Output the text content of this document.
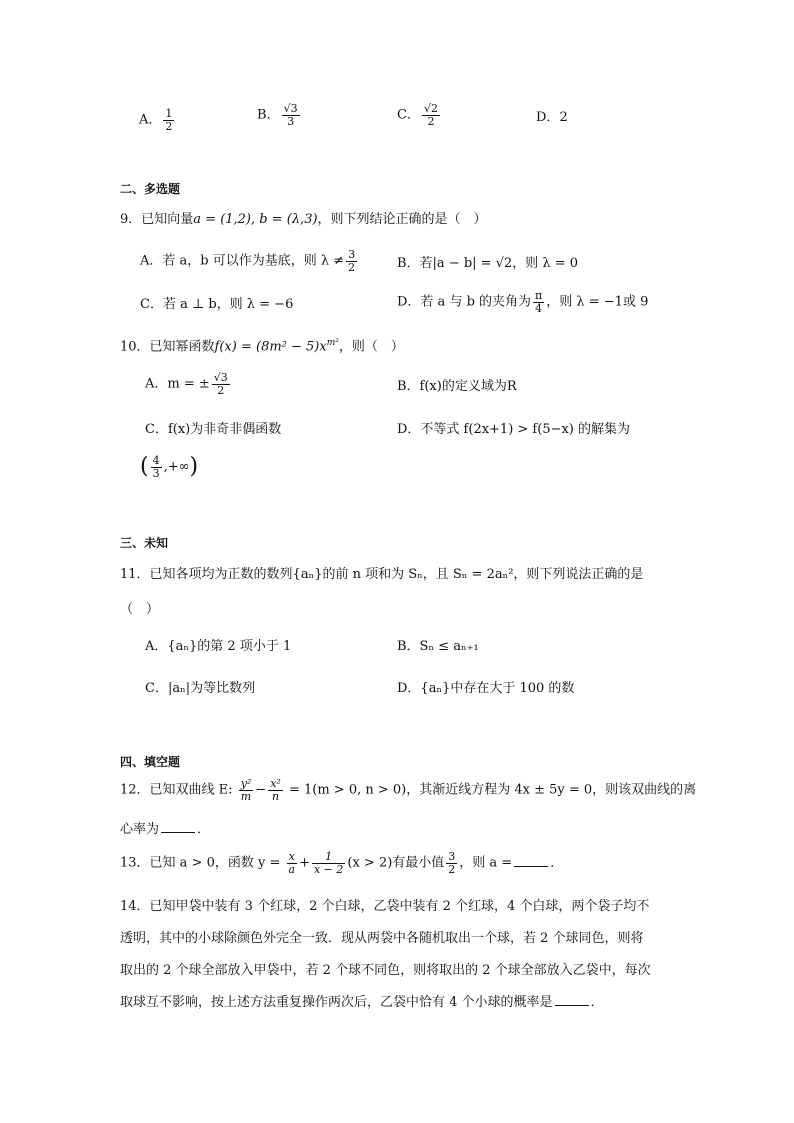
A． $\frac{1}{2}$	B． $\frac{√3}{3}$	C． $\frac{√2}{2}$	D．2
二、多选题
9．已知向量a = (1,2), b = (λ,3)，则下列结论正确的是（　）
A．若 a，b 可以作为基底，则 $\lambda \ne \frac{3}{2}$	B．若|a − b| = √2，则 λ = 0
C．若 a ⊥ b，则 λ = −6	D．若 a 与 b 的夹角为 $\frac{\pi}{4}$ ，则 λ = −1或 9
10．已知幂函数$f(x) = (8m^2 - 5)x^{m^2}$，则（　）
A．m = ± $\frac{√3}{2}$	B．f(x)的定义域为R
C．f(x)为非奇非偶函数	D．不等式 f(2x+1) > f(5−x) 的解集为
( $\frac{4}{3}$ ,+∞)
三、未知
11．已知各项均为正数的数列{aₙ}的前 n 项和为 Sₙ，且 Sₙ = 2aₙ²，则下列说法正确的是
（　）
A．{aₙ}的第 2 项小于 1	B．Sₙ ≤ aₙ₊₁
C．|aₙ|为等比数列	D．{aₙ}中存在大于 100 的数
四、填空题
12．已知双曲线 E: $\frac{\text{y²}}{m} - \frac{\text{x²}}{n} = 1(m > 0$, n > 0)，其渐近线方程为 4x ± 5y = 0，则该双曲线的离
心率为	．
13．已知 a > 0，函数 $y = \frac{x}{a} + \frac{1}{x - 2} (x > 2)$有最小值 $\frac{3}{2}$ ，则 a =	．
14．已知甲袋中装有 3 个红球，2 个白球，乙袋中装有 2 个红球，4 个白球，两个袋子均不
透明，其中的小球除颜色外完全一致．现从两袋中各随机取出一个球，若 2 个球同色，则将
取出的 2 个球全部放入甲袋中，若 2 个球不同色，则将取出的 2 个球全部放入乙袋中，每次
取球互不影响，按上述方法重复操作两次后，乙袋中恰有 4 个小球的概率是	．
